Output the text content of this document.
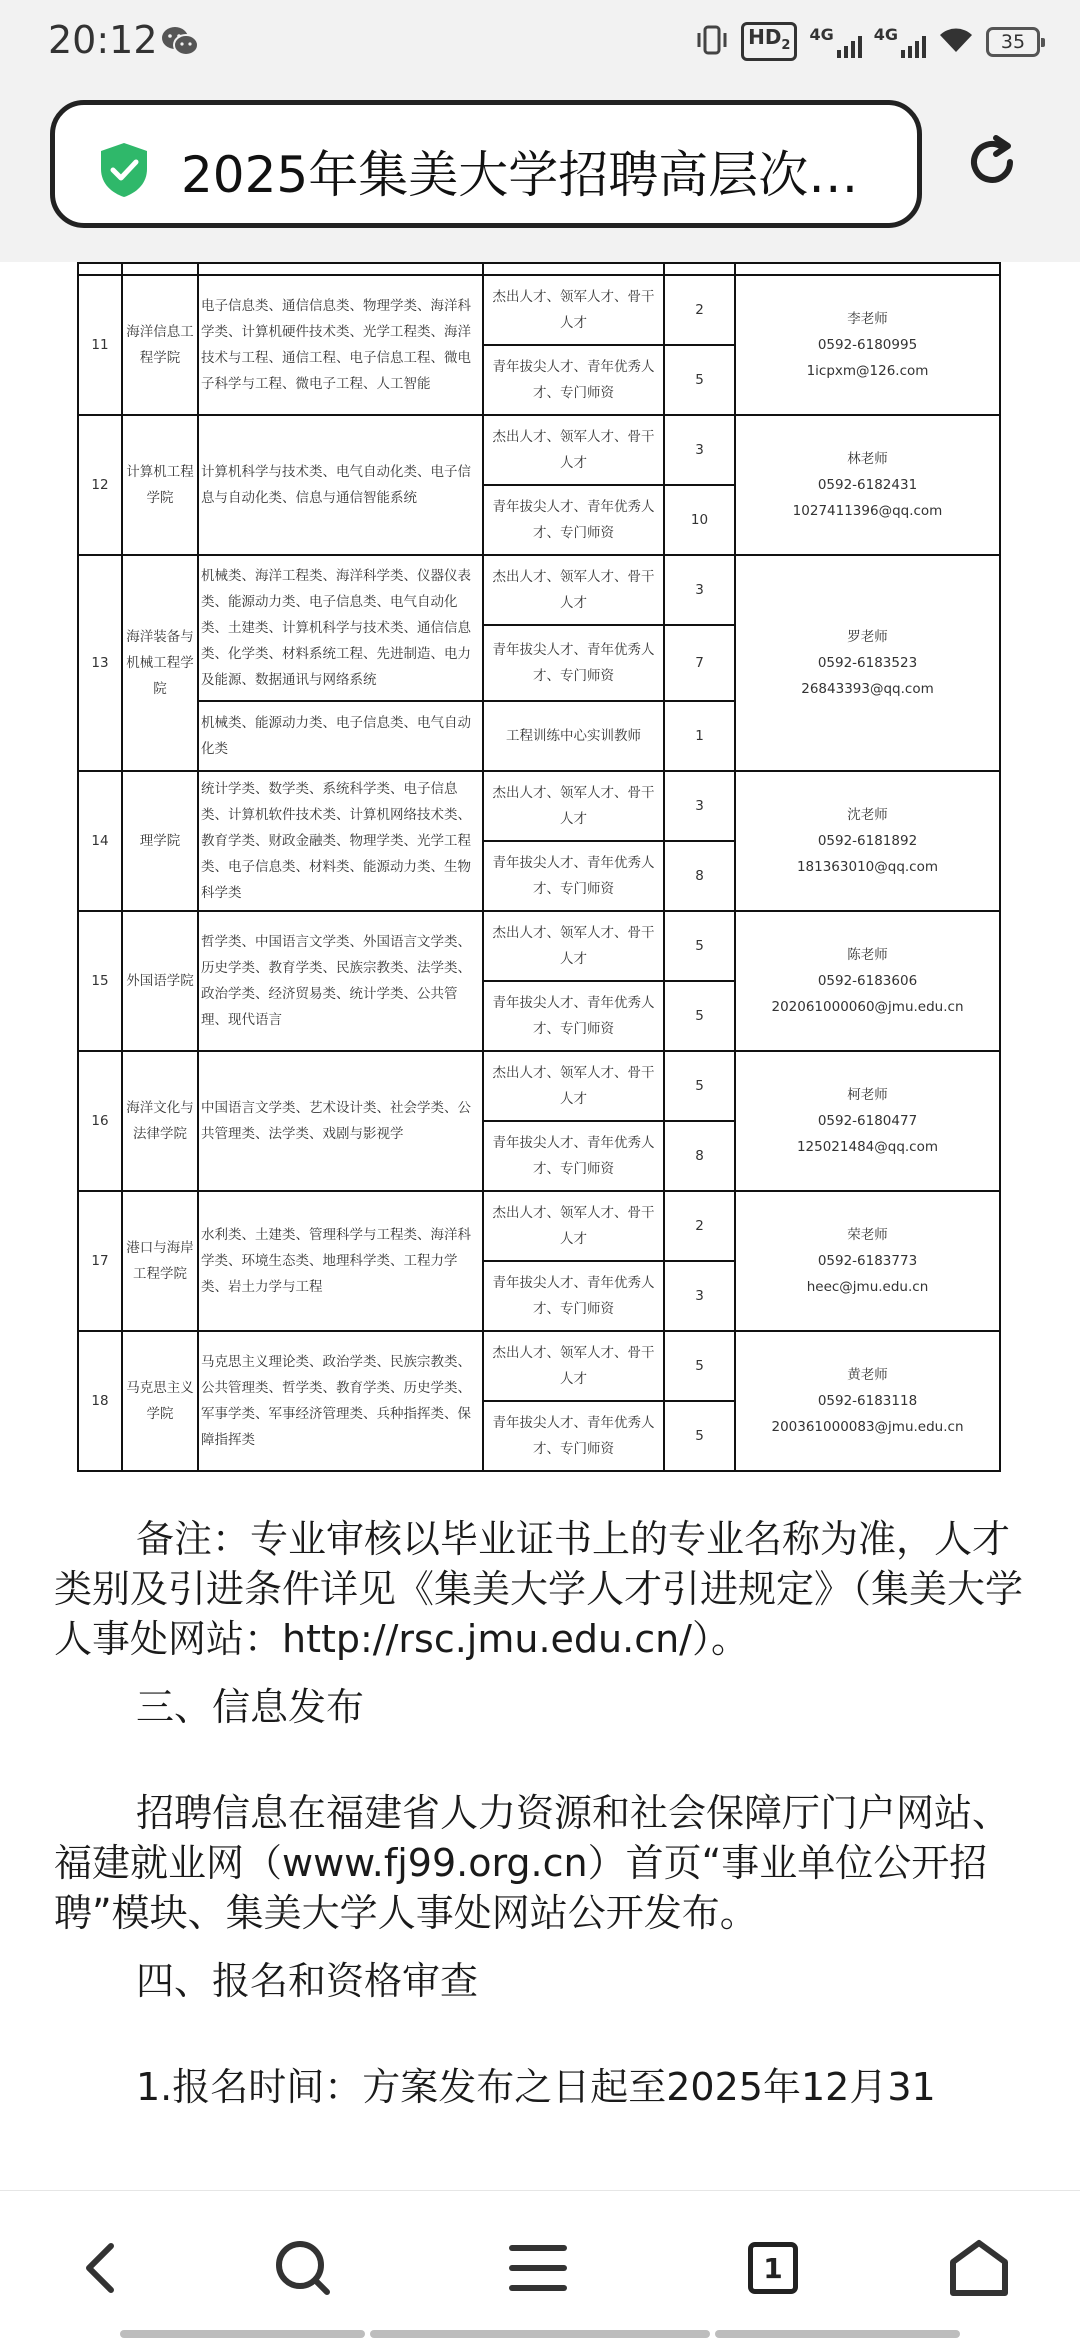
20:12	$HD_2$
4G	4G	35
2025年集美大学招聘高层次…

11	海洋信息工程学院	电子信息类、通信信息类、物理学类、海洋科学类、计算机硬件技术类、光学工程类、海洋技术与工程、通信工程、电子信息工程、微电子科学与工程、微电子工程、人工智能	杰出人才、领军人才、骨干人才	2	李老师
0592-6180995
1icpxm@126.com

			青年拔尖人才、青年优秀人才、专门师资	5	
12	计算机工程学院	计算机科学与技术类、电气自动化类、电子信息与自动化类、信息与通信智能系统	杰出人才、领军人才、骨干人才	3	林老师
0592-6182431
1027411396@qq.com

			青年拔尖人才、青年优秀人才、专门师资	10	
13	海洋装备与机械工程学院	机械类、海洋工程类、海洋科学类、仪器仪表类、能源动力类、电子信息类、电气自动化类、土建类、计算机科学与技术类、通信信息类、化学类、材料系统工程、先进制造、电力及能源、数据通讯与网络系统	杰出人才、领军人才、骨干人才	3	罗老师
0592-6183523
26843393@qq.com

			青年拔尖人才、青年优秀人才、专门师资	7	
		机械类、能源动力类、电子信息类、电气自动化类	工程训练中心实训教师	1	
14	理学院	统计学类、数学类、系统科学类、电子信息类、计算机软件技术类、计算机网络技术类、教育学类、财政金融类、物理学类、光学工程类、电子信息类、材料类、能源动力类、生物科学类	杰出人才、领军人才、骨干人才	3	沈老师
0592-6181892
181363010@qq.com

			青年拔尖人才、青年优秀人才、专门师资	8	
15	外国语学院	哲学类、中国语言文学类、外国语言文学类、历史学类、教育学类、民族宗教类、法学类、政治学类、经济贸易类、统计学类、公共管理、现代语言	杰出人才、领军人才、骨干人才	5	陈老师
0592-6183606
202061000060@jmu.edu.cn

			青年拔尖人才、青年优秀人才、专门师资	5	
16	海洋文化与法律学院	中国语言文学类、艺术设计类、社会学类、公共管理类、法学类、戏剧与影视学	杰出人才、领军人才、骨干人才	5	柯老师
0592-6180477
125021484@qq.com

			青年拔尖人才、青年优秀人才、专门师资	8	
17	港口与海岸工程学院	水利类、土建类、管理科学与工程类、海洋科学类、环境生态类、地理科学类、工程力学类、岩土力学与工程	杰出人才、领军人才、骨干人才	2	荣老师
0592-6183773
heec@jmu.edu.cn

			青年拔尖人才、青年优秀人才、专门师资	3	
18	马克思主义学院	马克思主义理论类、政治学类、民族宗教类、公共管理类、哲学类、教育学类、历史学类、军事学类、军事经济管理类、兵种指挥类、保障指挥类	杰出人才、领军人才、骨干人才	5	黄老师
0592-6183118
200361000083@jmu.edu.cn

			青年拔尖人才、青年优秀人才、专门师资	5	
备注：专业审核以毕业证书上的专业名称为准，人才类别及引进条件详见《集美大学人才引进规定》（集美大学人事处网站：http://rsc.jmu.edu.cn/）。
三、信息发布
招聘信息在福建省人力资源和社会保障厅门户网站、福建就业网（www.fj99.org.cn）首页“事业单位公开招聘”模块、集美大学人事处网站公开发布。
四、报名和资格审查
1.报名时间：方案发布之日起至2025年12月31
1
